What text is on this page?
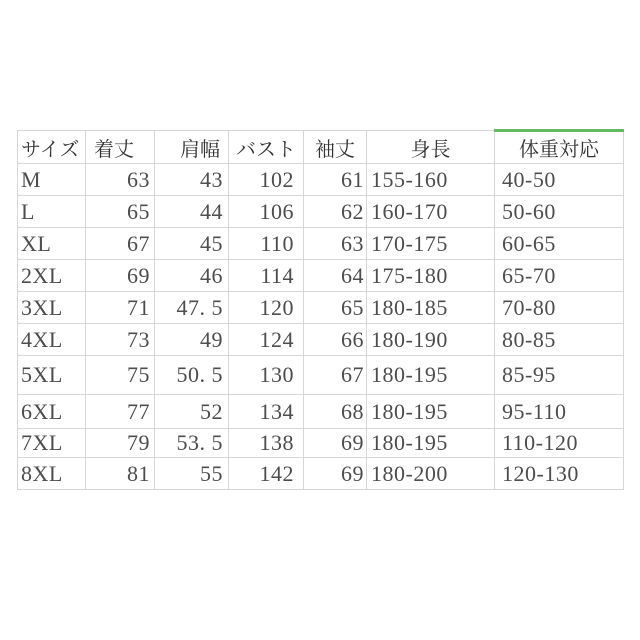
サイズ	着丈	肩幅	バスト	袖丈	身長	体重対応
M	63	43	102	61	155-160	40-50
L	65	44	106	62	160-170	50-60
XL	67	45	110	63	170-175	60-65
2XL	69	46	114	64	175-180	65-70
3XL	71	47. 5	120	65	180-185	70-80
4XL	73	49	124	66	180-190	80-85
5XL	75	50. 5	130	67	180-195	85-95
6XL	77	52	134	68	180-195	95-110
7XL	79	53. 5	138	69	180-195	110-120
8XL	81	55	142	69	180-200	120-130
